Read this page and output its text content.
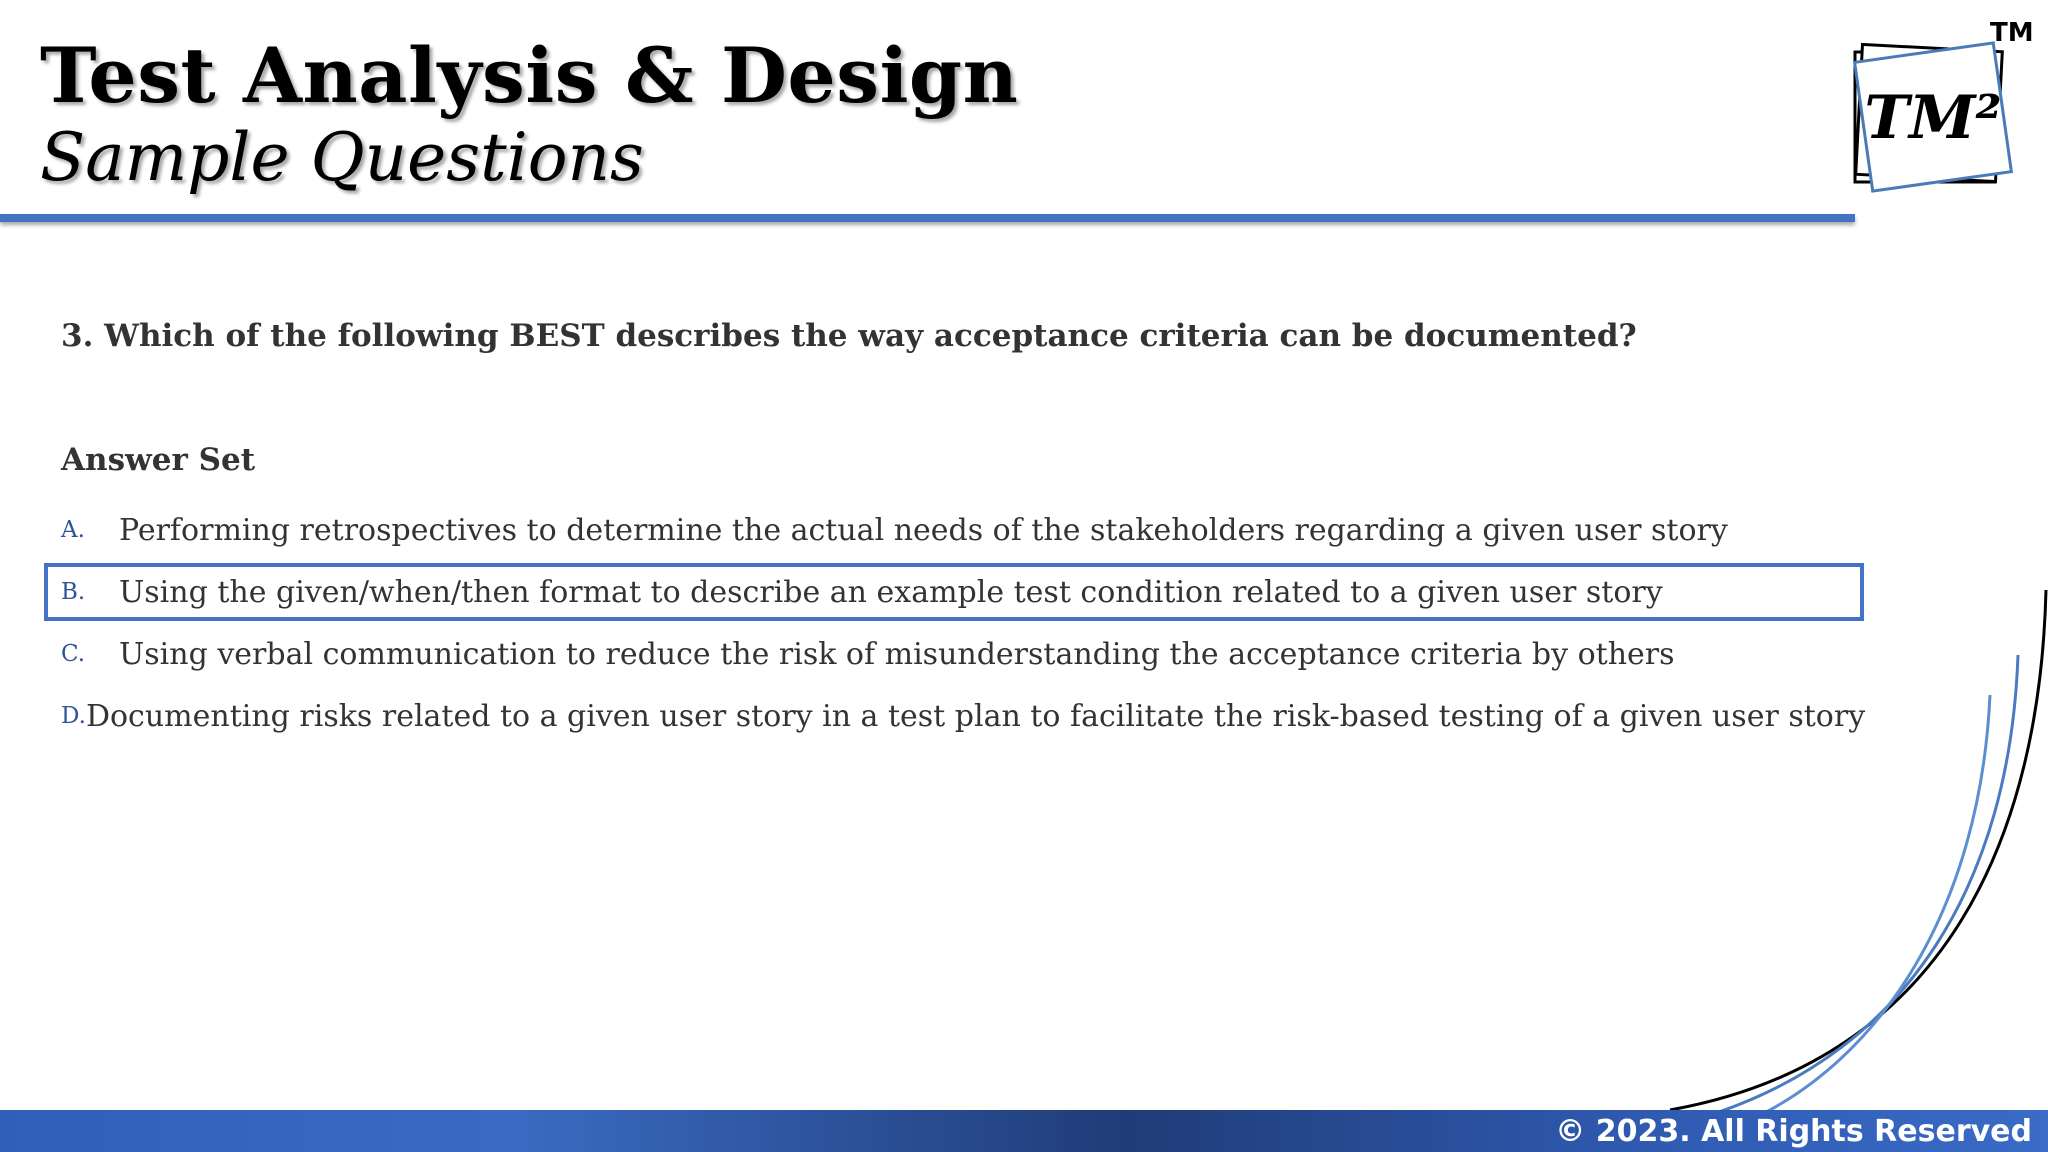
Test Analysis & Design
Sample Questions
TM
TM²
3. Which of the following BEST describes the way acceptance criteria can be documented?
Answer Set
A.	Performing retrospectives to determine the actual needs of the stakeholders regarding a given user story
B.	Using the given/when/then format to describe an example test condition related to a given user story
C.	Using verbal communication to reduce the risk of misunderstanding the acceptance criteria by others
D. Documenting risks related to a given user story in a test plan to facilitate the risk-based testing of a given user story
© 2023. All Rights Reserved
